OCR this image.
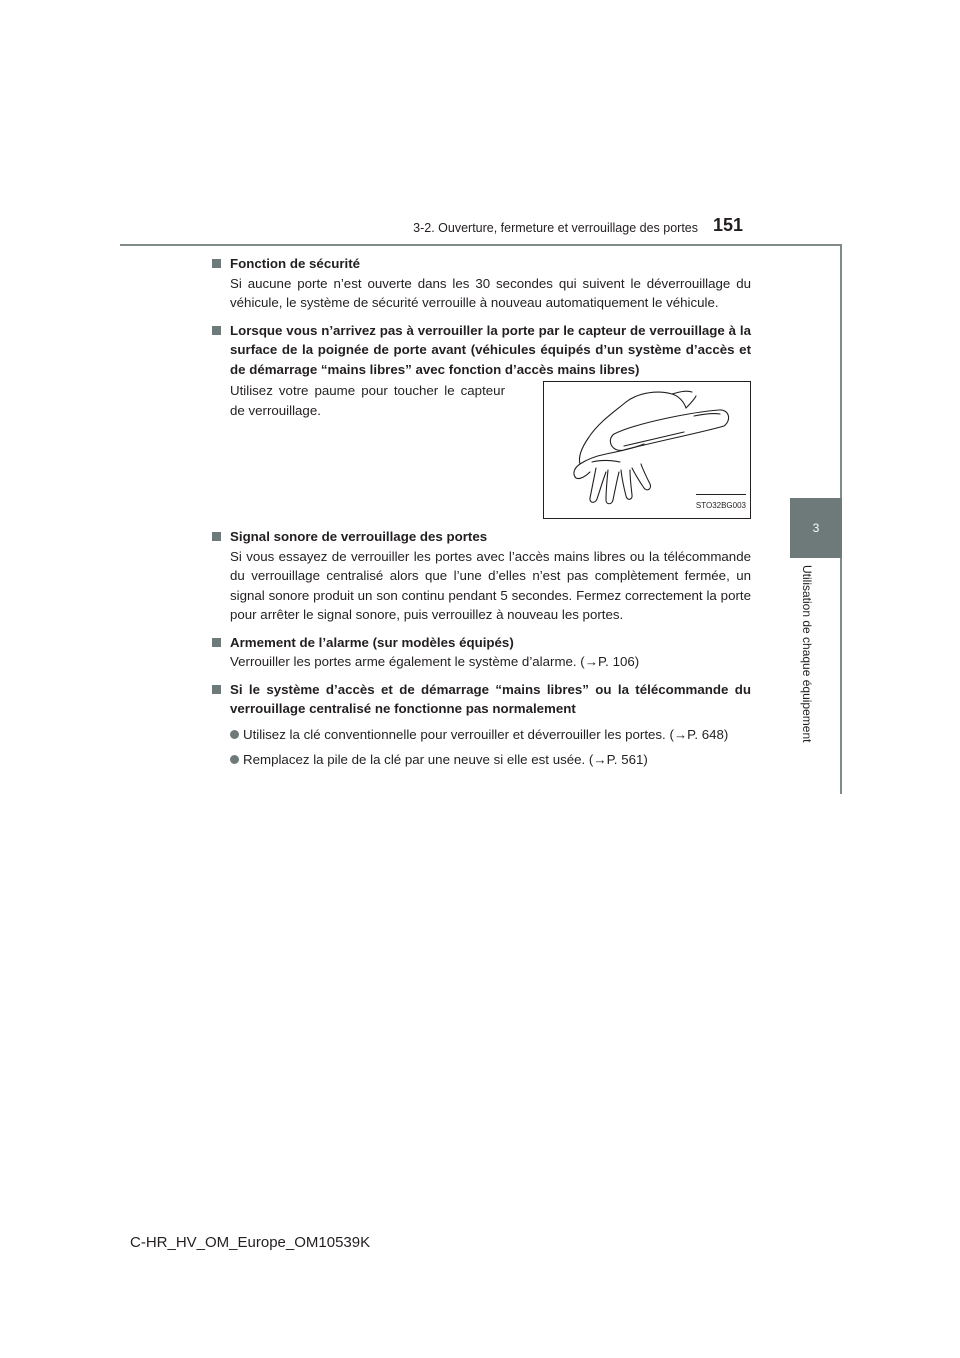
3-2. Ouverture, fermeture et verrouillage des portes 151
3
Utilisation de chaque équipement
Fonction de sécurité
Si aucune porte n’est ouverte dans les 30 secondes qui suivent le déverrouillage du véhicule, le système de sécurité verrouille à nouveau automatiquement le véhicule.
Lorsque vous n’arrivez pas à verrouiller la porte par le capteur de verrouillage à la surface de la poignée de porte avant (véhicules équipés d’un système d’accès et de démarrage “mains libres” avec fonction d’accès mains libres)
Utilisez votre paume pour toucher le capteur de verrouillage.
STO32BG003
Signal sonore de verrouillage des portes
Si vous essayez de verrouiller les portes avec l’accès mains libres ou la télécommande du verrouillage centralisé alors que l’une d’elles n’est pas complètement fermée, un signal sonore produit un son continu pendant 5 secondes. Fermez correctement la porte pour arrêter le signal sonore, puis verrouillez à nouveau les portes.
Armement de l’alarme (sur modèles équipés)
Verrouiller les portes arme également le système d’alarme. (→P. 106)
Si le système d’accès et de démarrage “mains libres” ou la télécommande du verrouillage centralisé ne fonctionne pas normalement
Utilisez la clé conventionnelle pour verrouiller et déverrouiller les portes. (→P. 648)
Remplacez la pile de la clé par une neuve si elle est usée. (→P. 561)
C-HR_HV_OM_Europe_OM10539K
